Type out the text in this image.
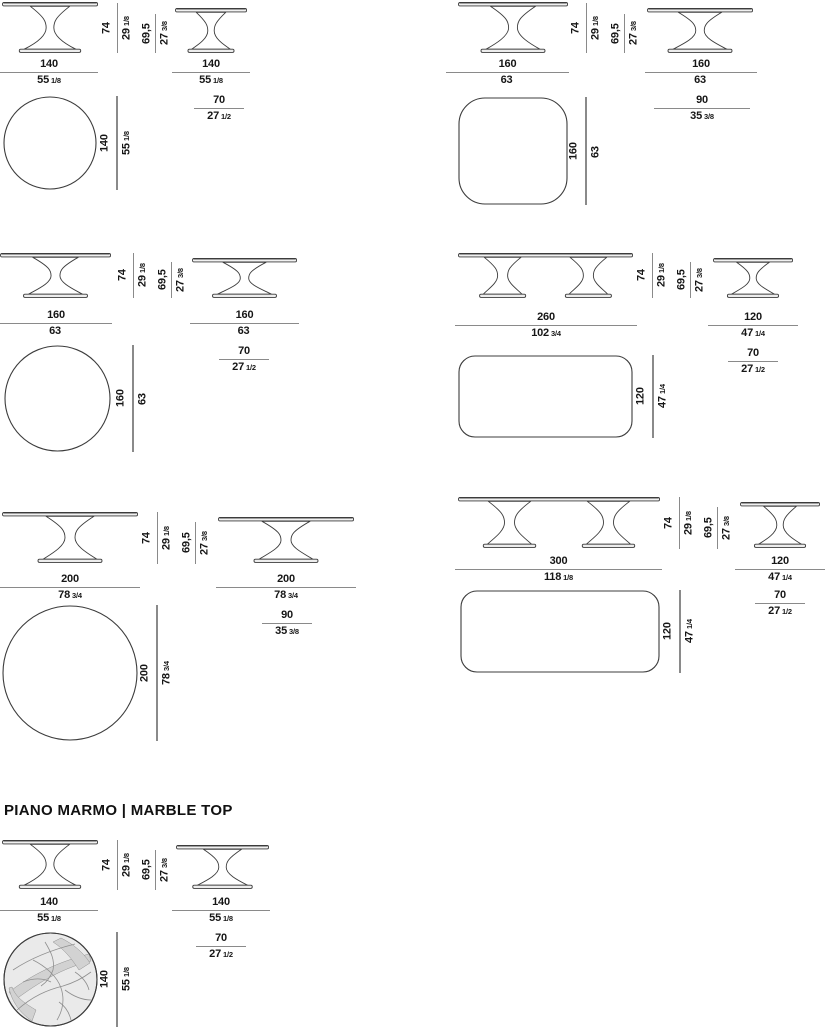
74 29
1/8
69,5 27
3/8
140
55 1/8
140
55 1/8
70
27 1/2
140 55
1/8
74 29
1/8
69,5 27
3/8
160
63
160
63
90
35 3/8
160 63
74 29
1/8
69,5 27
3/8
160
63
160
63
70
27 1/2
160 63
74 29
1/8
69,5 27
3/8
260
102 3/4
120
47 1/4
70
27 1/2
120 47
1/4
74 29
1/8
69,5 27
3/8
200
78 3/4
200
78 3/4
90
35 3/8
200 78
3/4
74 29
1/8
69,5 27
3/8
300
118 1/8
120
47 1/4
70
27 1/2
120 47
1/4
PIANO MARMO | MARBLE TOP
74 29
1/8
69,5 27
3/8
140
55 1/8
140
55 1/8
70
27 1/2
140 55
1/8
